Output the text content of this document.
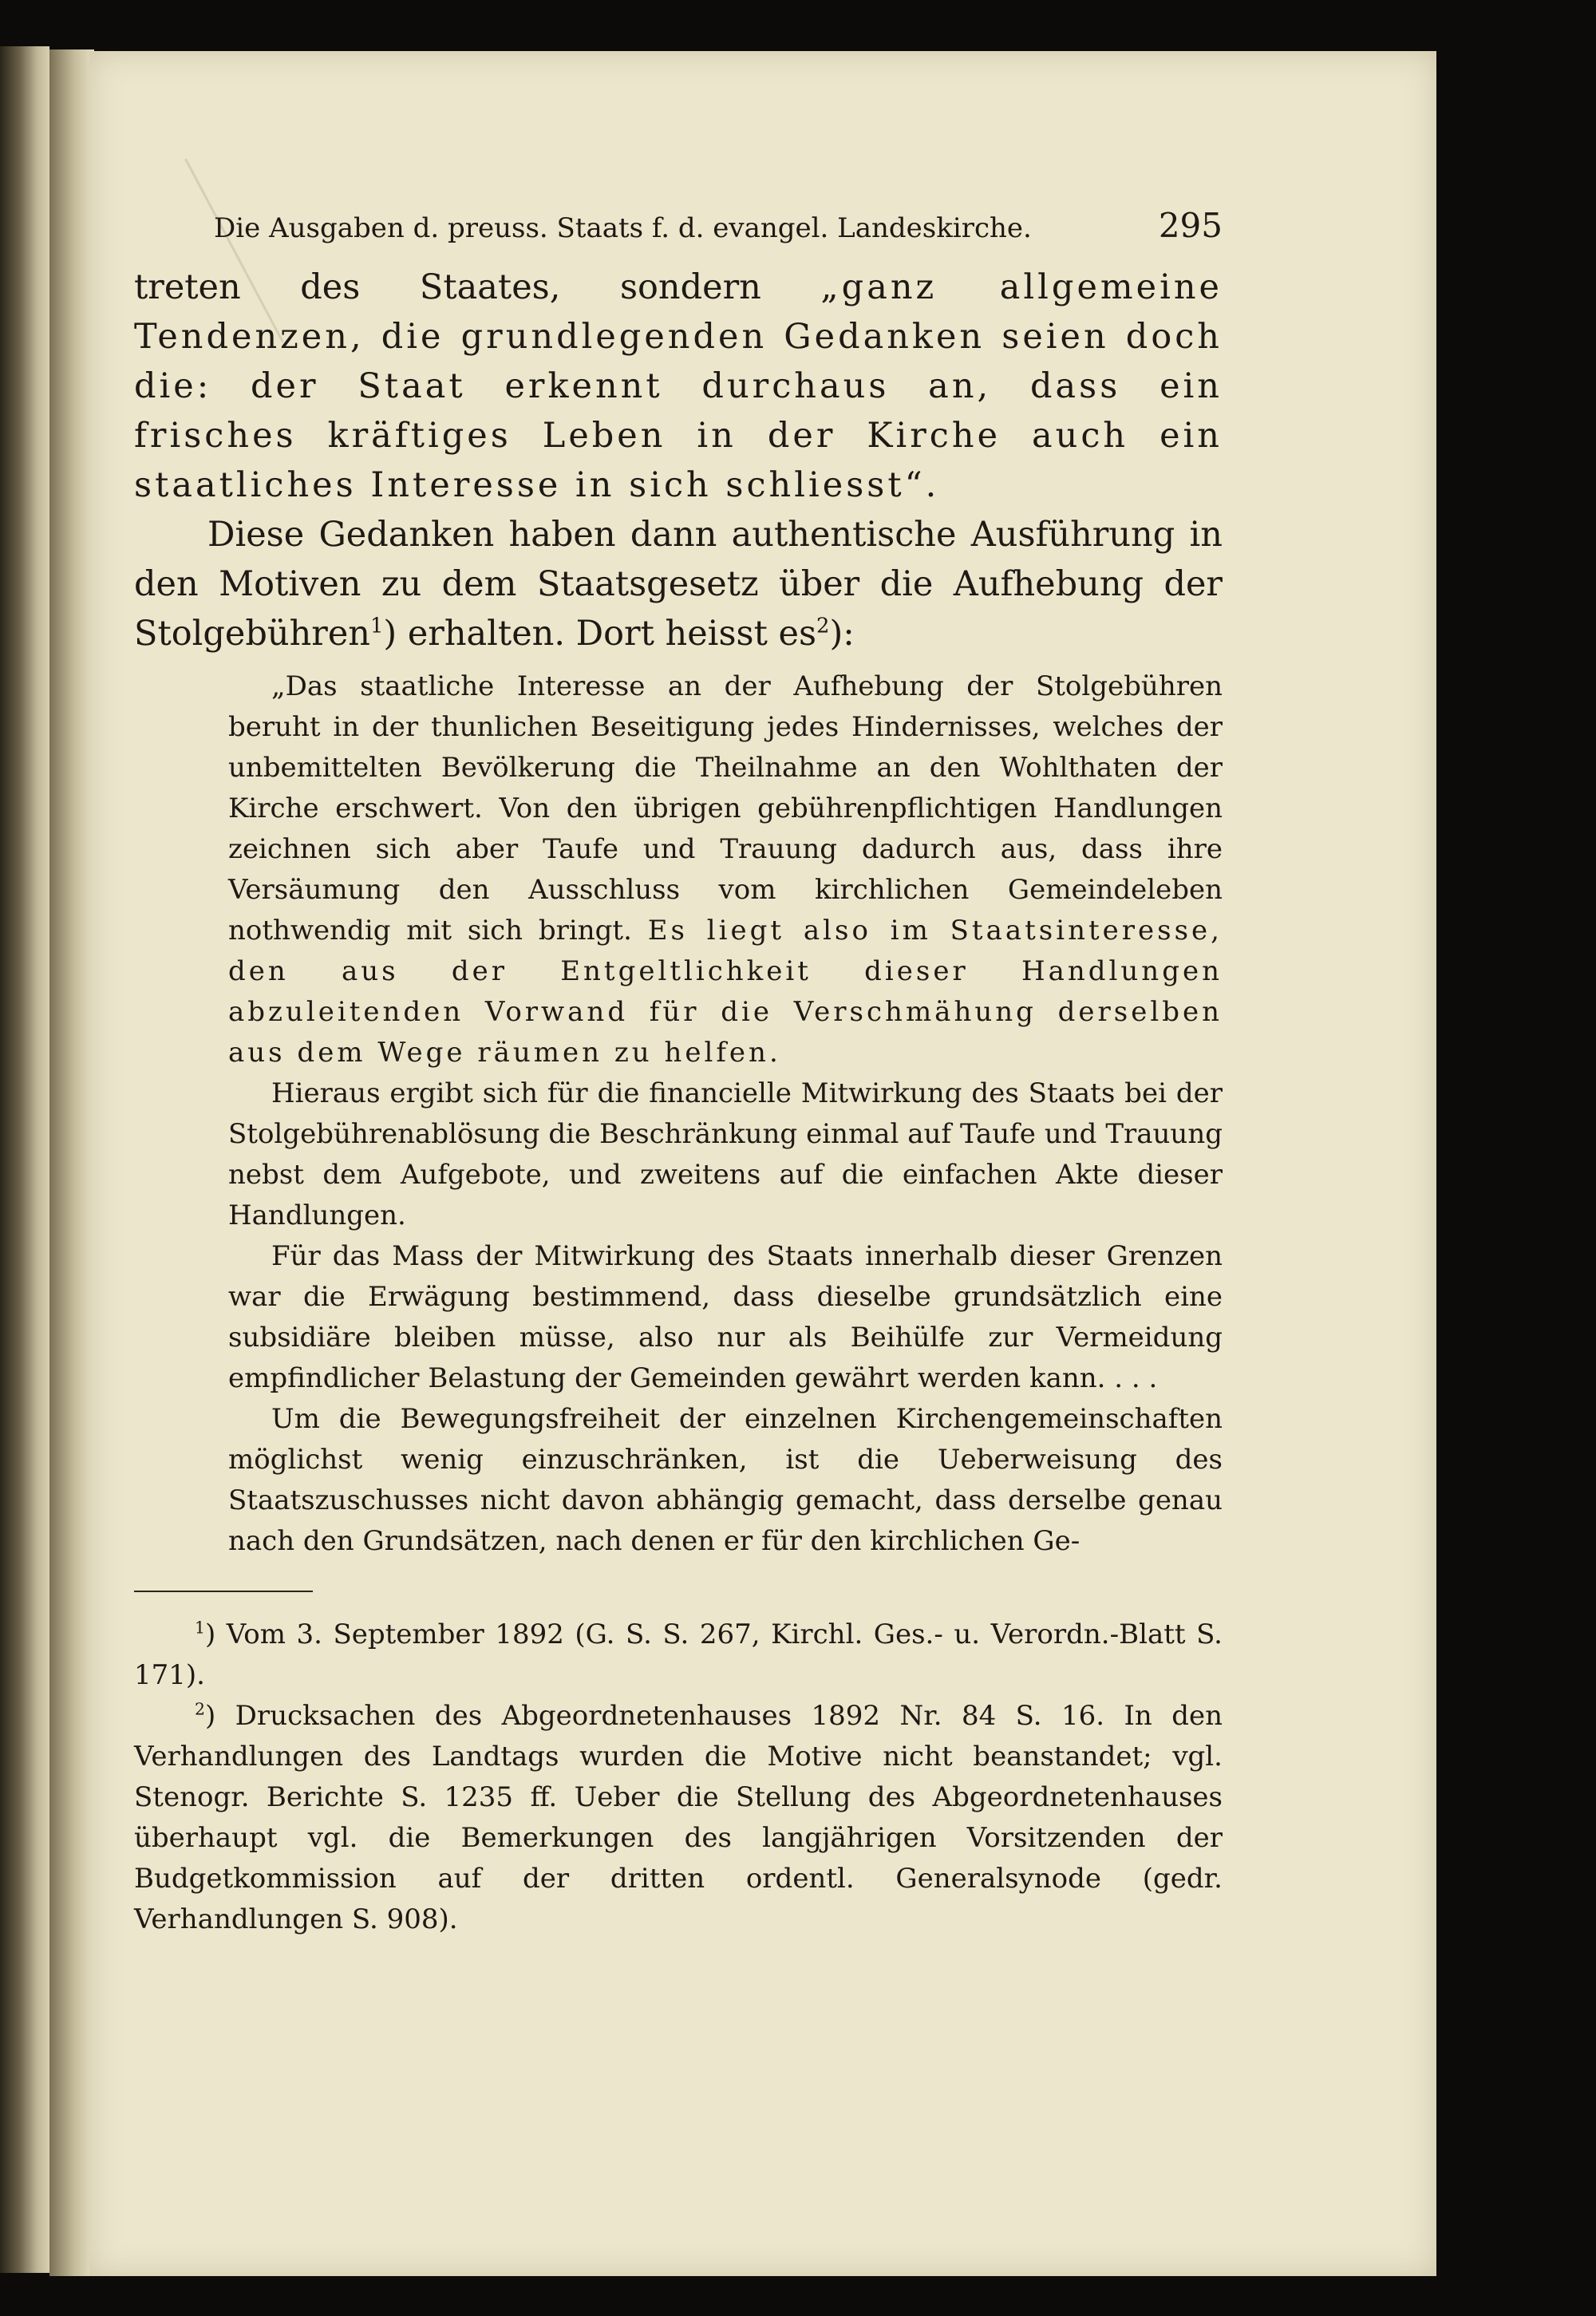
Die Ausgaben d. preuss. Staats f. d. evangel. Landeskirche.	295

treten des Staates, sondern „ganz allgemeine Tendenzen, die grundlegenden Gedanken seien doch die: der Staat erkennt durchaus an, dass ein frisches kräftiges Leben in der Kirche auch ein staatliches Interesse in sich schliesst“.

Diese Gedanken haben dann authentische Ausführung in den Motiven zu dem Staatsgesetz über die Aufhebung der Stolgebühren$^1$) erhalten. Dort heisst $es^2$):

„Das staatliche Interesse an der Aufhebung der Stolgebühren beruht in der thunlichen Beseitigung jedes Hindernisses, welches der unbemittelten Bevölkerung die Theilnahme an den Wohlthaten der Kirche erschwert. Von den übrigen gebührenpflichtigen Handlungen zeichnen sich aber Taufe und Trauung dadurch aus, dass ihre Versäumung den Ausschluss vom kirchlichen Gemeindeleben nothwendig mit sich bringt. Es liegt also im Staatsinteresse, den aus der Entgeltlichkeit dieser Handlungen abzuleitenden Vorwand für die Verschmähung derselben aus dem Wege räumen zu helfen.

Hieraus ergibt sich für die financielle Mitwirkung des Staats bei der Stolgebührenablösung die Beschränkung einmal auf Taufe und Trauung nebst dem Aufgebote, und zweitens auf die einfachen Akte dieser Handlungen.

Für das Mass der Mitwirkung des Staats innerhalb dieser Grenzen war die Erwägung bestimmend, dass dieselbe grundsätzlich eine subsidiäre bleiben müsse, also nur als Beihülfe zur Vermeidung empfindlicher Belastung der Gemeinden gewährt werden kann. . . .

Um die Bewegungsfreiheit der einzelnen Kirchengemeinschaften möglichst wenig einzuschränken, ist die Ueberweisung des Staatszuschusses nicht davon abhängig gemacht, dass derselbe genau nach den Grundsätzen, nach denen er für den kirchlichen Ge-

$^1$) Vom 3. September 1892 (G. S. S. 267, Kirchl. Ges.- u. Verordn.-Blatt S. 171).

$^2$) Drucksachen des Abgeordnetenhauses 1892 Nr. 84 S. 16. In den Verhandlungen des Landtags wurden die Motive nicht beanstandet; vgl. Stenogr. Berichte S. 1235 ff. Ueber die Stellung des Abgeordnetenhauses überhaupt vgl. die Bemerkungen des langjährigen Vorsitzenden der Budgetkommission auf der dritten ordentl. Generalsynode (gedr. Verhandlungen S. 908).
